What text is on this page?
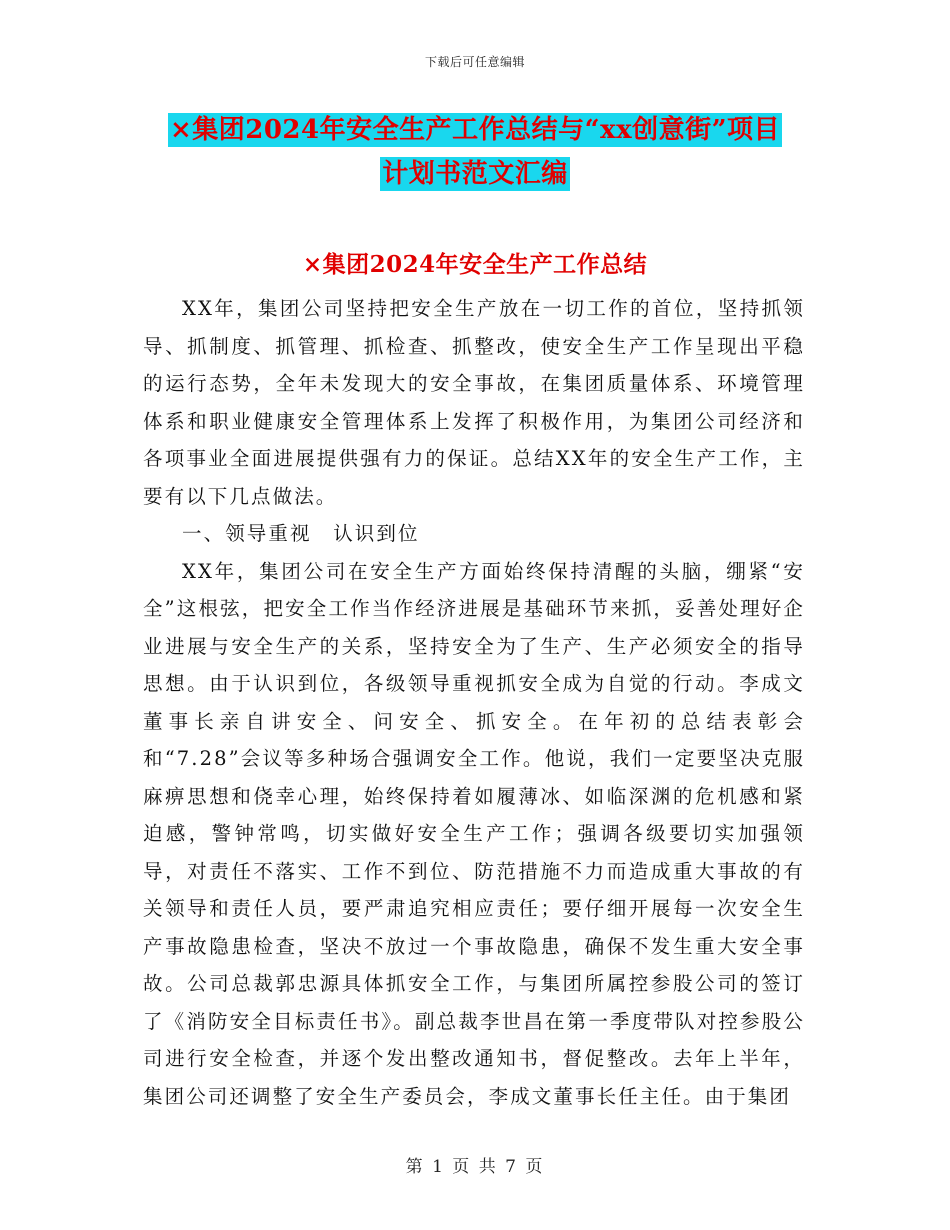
下载后可任意编辑
×集团2024年安全生产工作总结与“xx创意街”项目
计划书范文汇编
×集团2024年安全生产工作总结

XX年，集团公司坚持把安全生产放在一切工作的首位，坚持抓领导、抓制度、抓管理、抓检查、抓整改，使安全生产工作呈现出平稳的运行态势，全年未发现大的安全事故，在集团质量体系、环境管理体系和职业健康安全管理体系上发挥了积极作用，为集团公司经济和各项事业全面进展提供强有力的保证。总结XX年的安全生产工作，主要有以下几点做法。

一、领导重视　认识到位

XX年，集团公司在安全生产方面始终保持清醒的头脑，绷紧“安全”这根弦，把安全工作当作经济进展是基础环节来抓，妥善处理好企业进展与安全生产的关系，坚持安全为了生产、生产必须安全的指导思想。由于认识到位，各级领导重视抓安全成为自觉的行动。李成文董事长亲自讲安全、问安全、抓安全。在年初的总结表彰会和“7.28”会议等多种场合强调安全工作。他说，我们一定要坚决克服麻痹思想和侥幸心理，始终保持着如履薄冰、如临深渊的危机感和紧迫感，警钟常鸣，切实做好安全生产工作；强调各级要切实加强领导，对责任不落实、工作不到位、防范措施不力而造成重大事故的有关领导和责任人员，要严肃追究相应责任；要仔细开展每一次安全生产事故隐患检查，坚决不放过一个事故隐患，确保不发生重大安全事故。公司总裁郭忠源具体抓安全工作，与集团所属控参股公司的签订了《消防安全目标责任书》。副总裁李世昌在第一季度带队对控参股公司进行安全检查，并逐个发出整改通知书，督促整改。去年上半年，集团公司还调整了安全生产委员会，李成文董事长任主任。由于集团

第 1 页 共 7 页
